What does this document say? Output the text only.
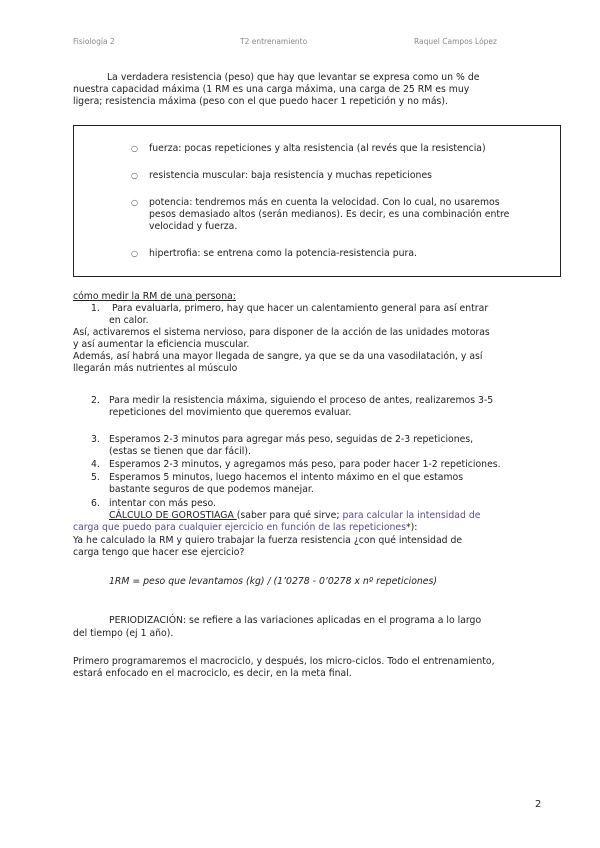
Fisiología 2	T2 entrenamiento	Raquel Campos López
La verdadera resistencia (peso) que hay que levantar se expresa como un % de
nuestra capacidad máxima (1 RM es una carga máxima, una carga de 25 RM es muy
ligera; resistencia máxima (peso con el que puedo hacer 1 repetición y no más).
○ fuerza: pocas repeticiones y alta resistencia (al revés que la resistencia)
○ resistencia muscular: baja resistencia y muchas repeticiones
○ potencia: tendremos más en cuenta la velocidad. Con lo cual, no usaremos
pesos demasiado altos (serán medianos). Es decir, es una combinación entre
velocidad y fuerza.
○ hipertrofia: se entrena como la potencia-resistencia pura.
cómo medir la RM de una persona:
1. Para evaluarla, primero, hay que hacer un calentamiento general para así entrar
en calor.
Así, activaremos el sistema nervioso, para disponer de la acción de las unidades motoras
y así aumentar la eficiencia muscular.
Además, así habrá una mayor llegada de sangre, ya que se da una vasodilatación, y así
llegarán más nutrientes al músculo
2. Para medir la resistencia máxima, siguiendo el proceso de antes, realizaremos 3-5
repeticiones del movimiento que queremos evaluar.
3. Esperamos 2-3 minutos para agregar más peso, seguidas de 2-3 repeticiones,
(estas se tienen que dar fácil).
4. Esperamos 2-3 minutos, y agregamos más peso, para poder hacer 1-2 repeticiones.
5. Esperamos 5 minutos, luego hacemos el intento máximo en el que estamos
bastante seguros de que podemos manejar.
6. intentar con más peso.
CÁLCULO DE GOROSTIAGA (saber para qué sirve; para calcular la intensidad de
carga que puedo para cualquier ejercicio en función de las repeticiones*):
Ya he calculado la RM y quiero trabajar la fuerza resistencia ¿con qué intensidad de
carga tengo que hacer ese ejercicio?
1RM = peso que levantamos (kg) / (1’0278 - 0’0278 x nº repeticiones)
PERIODIZACIÓN: se refiere a las variaciones aplicadas en el programa a lo largo
del tiempo (ej 1 año).
Primero programaremos el macrociclo, y después, los micro-ciclos. Todo el entrenamiento,
estará enfocado en el macrociclo, es decir, en la meta final.
2
